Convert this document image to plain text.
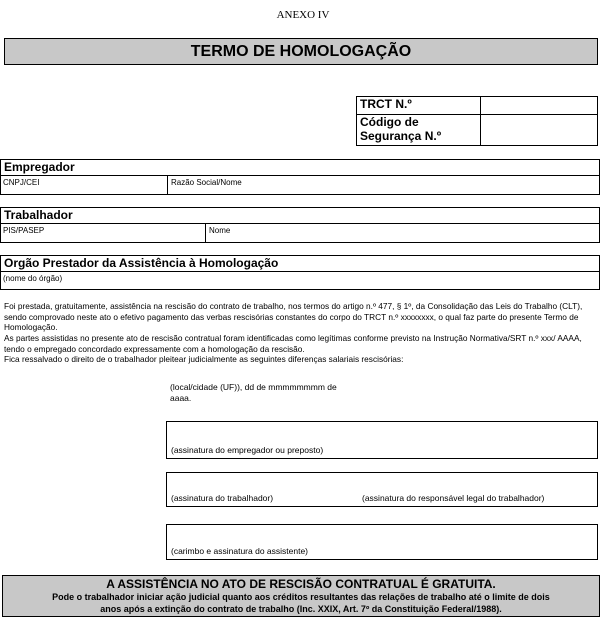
ANEXO IV
TERMO DE HOMOLOGAÇÃO
TRCT N.º	

Código de
Segurança N.º	

Empregador
CNPJ/CEI	Razão Social/Nome
Trabalhador
PIS/PASEP	Nome
Orgão Prestador da Assistência à Homologação
(nome do órgão)
Foi prestada, gratuitamente, assistência na rescisão do contrato de trabalho, nos termos do artigo n.º 477, § 1º, da Consolidação das Leis do Trabalho (CLT), sendo comprovado neste ato o efetivo pagamento das verbas rescisórias constantes do corpo do TRCT n.º xxxxxxxx, o qual faz parte do presente Termo de Homologação.
As partes assistidas no presente ato de rescisão contratual foram identificadas como legítimas conforme previsto na Instrução Normativa/SRT n.º xxx/ AAAA, tendo o empregado concordado expressamente com a homologação da rescisão.
Fica ressalvado o direito de o trabalhador pleitear judicialmente as seguintes diferenças salariais rescisórias:
(local/cidade (UF)), dd de mmmmmmmm de aaaa.
(assinatura do empregador ou preposto)
(assinatura do trabalhador)	(assinatura do responsável legal do trabalhador)
(carimbo e assinatura do assistente)
A ASSISTÊNCIA NO ATO DE RESCISÃO CONTRATUAL É GRATUITA.
Pode o trabalhador iniciar ação judicial quanto aos créditos resultantes das relações de trabalho até o limite de dois
anos após a extinção do contrato de trabalho (Inc. XXIX, Art. 7º da Constituição Federal/1988).
